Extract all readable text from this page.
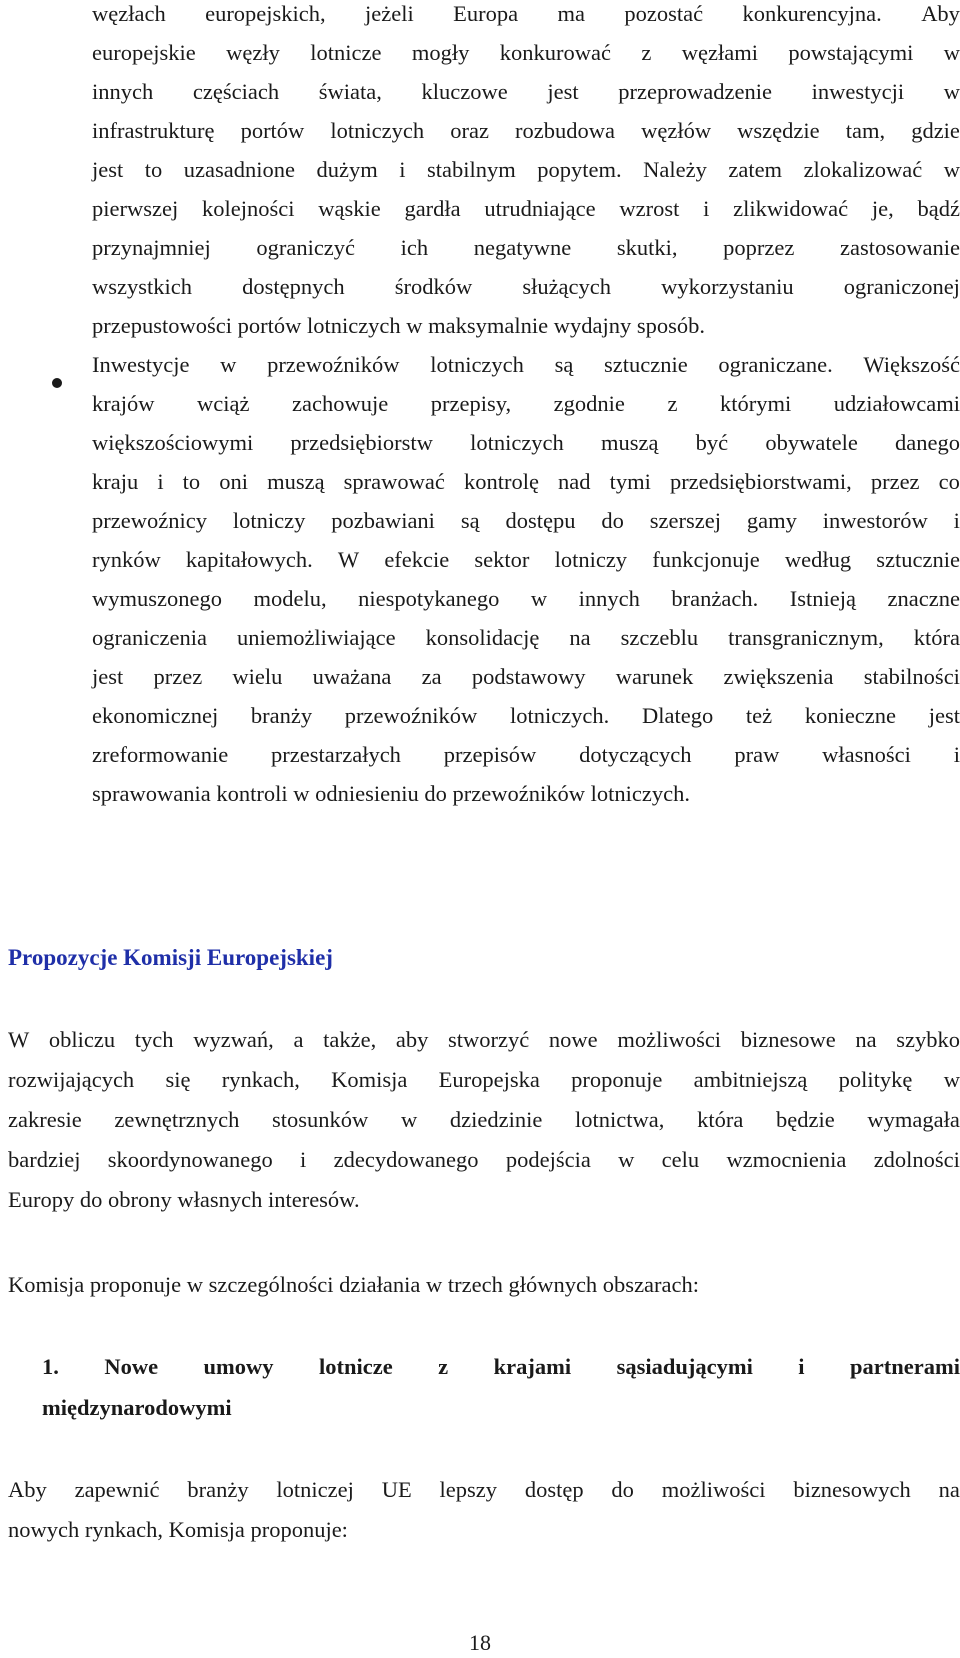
węzłach europejskich, jeżeli Europa ma pozostać konkurencyjna. Aby
europejskie węzły lotnicze mogły konkurować z węzłami powstającymi w
innych częściach świata, kluczowe jest przeprowadzenie inwestycji w
infrastrukturę portów lotniczych oraz rozbudowa węzłów wszędzie tam, gdzie
jest to uzasadnione dużym i stabilnym popytem. Należy zatem zlokalizować w
pierwszej kolejności wąskie gardła utrudniające wzrost i zlikwidować je, bądź
przynajmniej ograniczyć ich negatywne skutki, poprzez zastosowanie
wszystkich dostępnych środków służących wykorzystaniu ograniczonej
przepustowości portów lotniczych w maksymalnie wydajny sposób.
Inwestycje w przewoźników lotniczych są sztucznie ograniczane. Większość
krajów wciąż zachowuje przepisy, zgodnie z którymi udziałowcami
większościowymi przedsiębiorstw lotniczych muszą być obywatele danego
kraju i to oni muszą sprawować kontrolę nad tymi przedsiębiorstwami, przez co
przewoźnicy lotniczy pozbawiani są dostępu do szerszej gamy inwestorów i
rynków kapitałowych. W efekcie sektor lotniczy funkcjonuje według sztucznie
wymuszonego modelu, niespotykanego w innych branżach. Istnieją znaczne
ograniczenia uniemożliwiające konsolidację na szczeblu transgranicznym, która
jest przez wielu uważana za podstawowy warunek zwiększenia stabilności
ekonomicznej branży przewoźników lotniczych. Dlatego też konieczne jest
zreformowanie przestarzałych przepisów dotyczących praw własności i
sprawowania kontroli w odniesieniu do przewoźników lotniczych.
Propozycje Komisji Europejskiej
W obliczu tych wyzwań, a także, aby stworzyć nowe możliwości biznesowe na szybko
rozwijających się rynkach, Komisja Europejska proponuje ambitniejszą politykę w
zakresie zewnętrznych stosunków w dziedzinie lotnictwa, która będzie wymagała
bardziej skoordynowanego i zdecydowanego podejścia w celu wzmocnienia zdolności
Europy do obrony własnych interesów.
Komisja proponuje w szczególności działania w trzech głównych obszarach:
1. Nowe umowy lotnicze z krajami sąsiadującymi i partnerami
międzynarodowymi
Aby zapewnić branży lotniczej UE lepszy dostęp do możliwości biznesowych na
nowych rynkach, Komisja proponuje:
18
